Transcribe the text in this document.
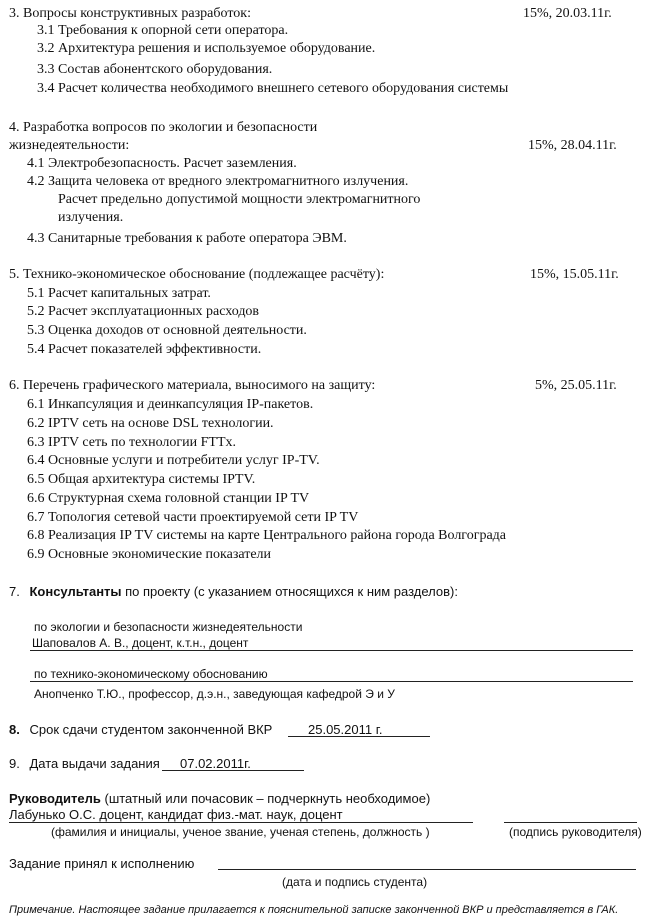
3. Вопросы конструктивных разработок:	15%, 20.03.11г.
3.1 Требования к опорной сети оператора.
3.2 Архитектура решения и используемое оборудование.
3.3 Состав абонентского оборудования.
3.4 Расчет количества необходимого внешнего сетевого оборудования системы
4. Разработка вопросов по экологии и безопасности
жизнедеятельности:	15%, 28.04.11г.
4.1 Электробезопасность. Расчет заземления.
4.2 Защита человека от вредного электромагнитного излучения.
Расчет предельно допустимой мощности электромагнитного
излучения.
4.3 Санитарные требования к работе оператора ЭВМ.
5. Технико-экономическое обоснование (подлежащее расчёту):	15%, 15.05.11г.
5.1 Расчет капитальных затрат.
5.2 Расчет эксплуатационных расходов
5.3 Оценка доходов от основной деятельности.
5.4 Расчет показателей эффективности.
6. Перечень графического материала, выносимого на защиту:	5%, 25.05.11г.
6.1 Инкапсуляция и деинкапсуляция IP-пакетов.
6.2 IPTV сеть на основе DSL технологии.
6.3 IPTV сеть по технологии FTTx.
6.4 Основные услуги и потребители услуг IP-TV.
6.5 Общая архитектура системы IPTV.
6.6 Структурная схема головной станции IP TV
6.7 Топология сетевой части проектируемой сети IP TV
6.8 Реализация IP TV системы на карте Центрального района города Волгограда
6.9 Основные экономические показатели
7. Консультанты по проекту (с указанием относящихся к ним разделов):
по экологии и безопасности жизнедеятельности
Шаповалов А. В., доцент, к.т.н., доцент
по технико-экономическому обоснованию
Анопченко Т.Ю., профессор, д.э.н., заведующая кафедрой Э и У
8. Срок сдачи студентом законченной ВКР	25.05.2011 г.
9. Дата выдачи задания 07.02.2011г.
Руководитель (штатный или почасовик – подчеркнуть необходимое)
Лабунько О.С. доцент, кандидат физ.-мат. наук, доцент
(фамилия и инициалы, ученое звание, ученая степень, должность )	(подпись руководителя)
Задание принял к исполнению
(дата и подпись студента)
Примечание. Настоящее задание прилагается к пояснительной записке законченной ВКР и представляется в ГАК.
